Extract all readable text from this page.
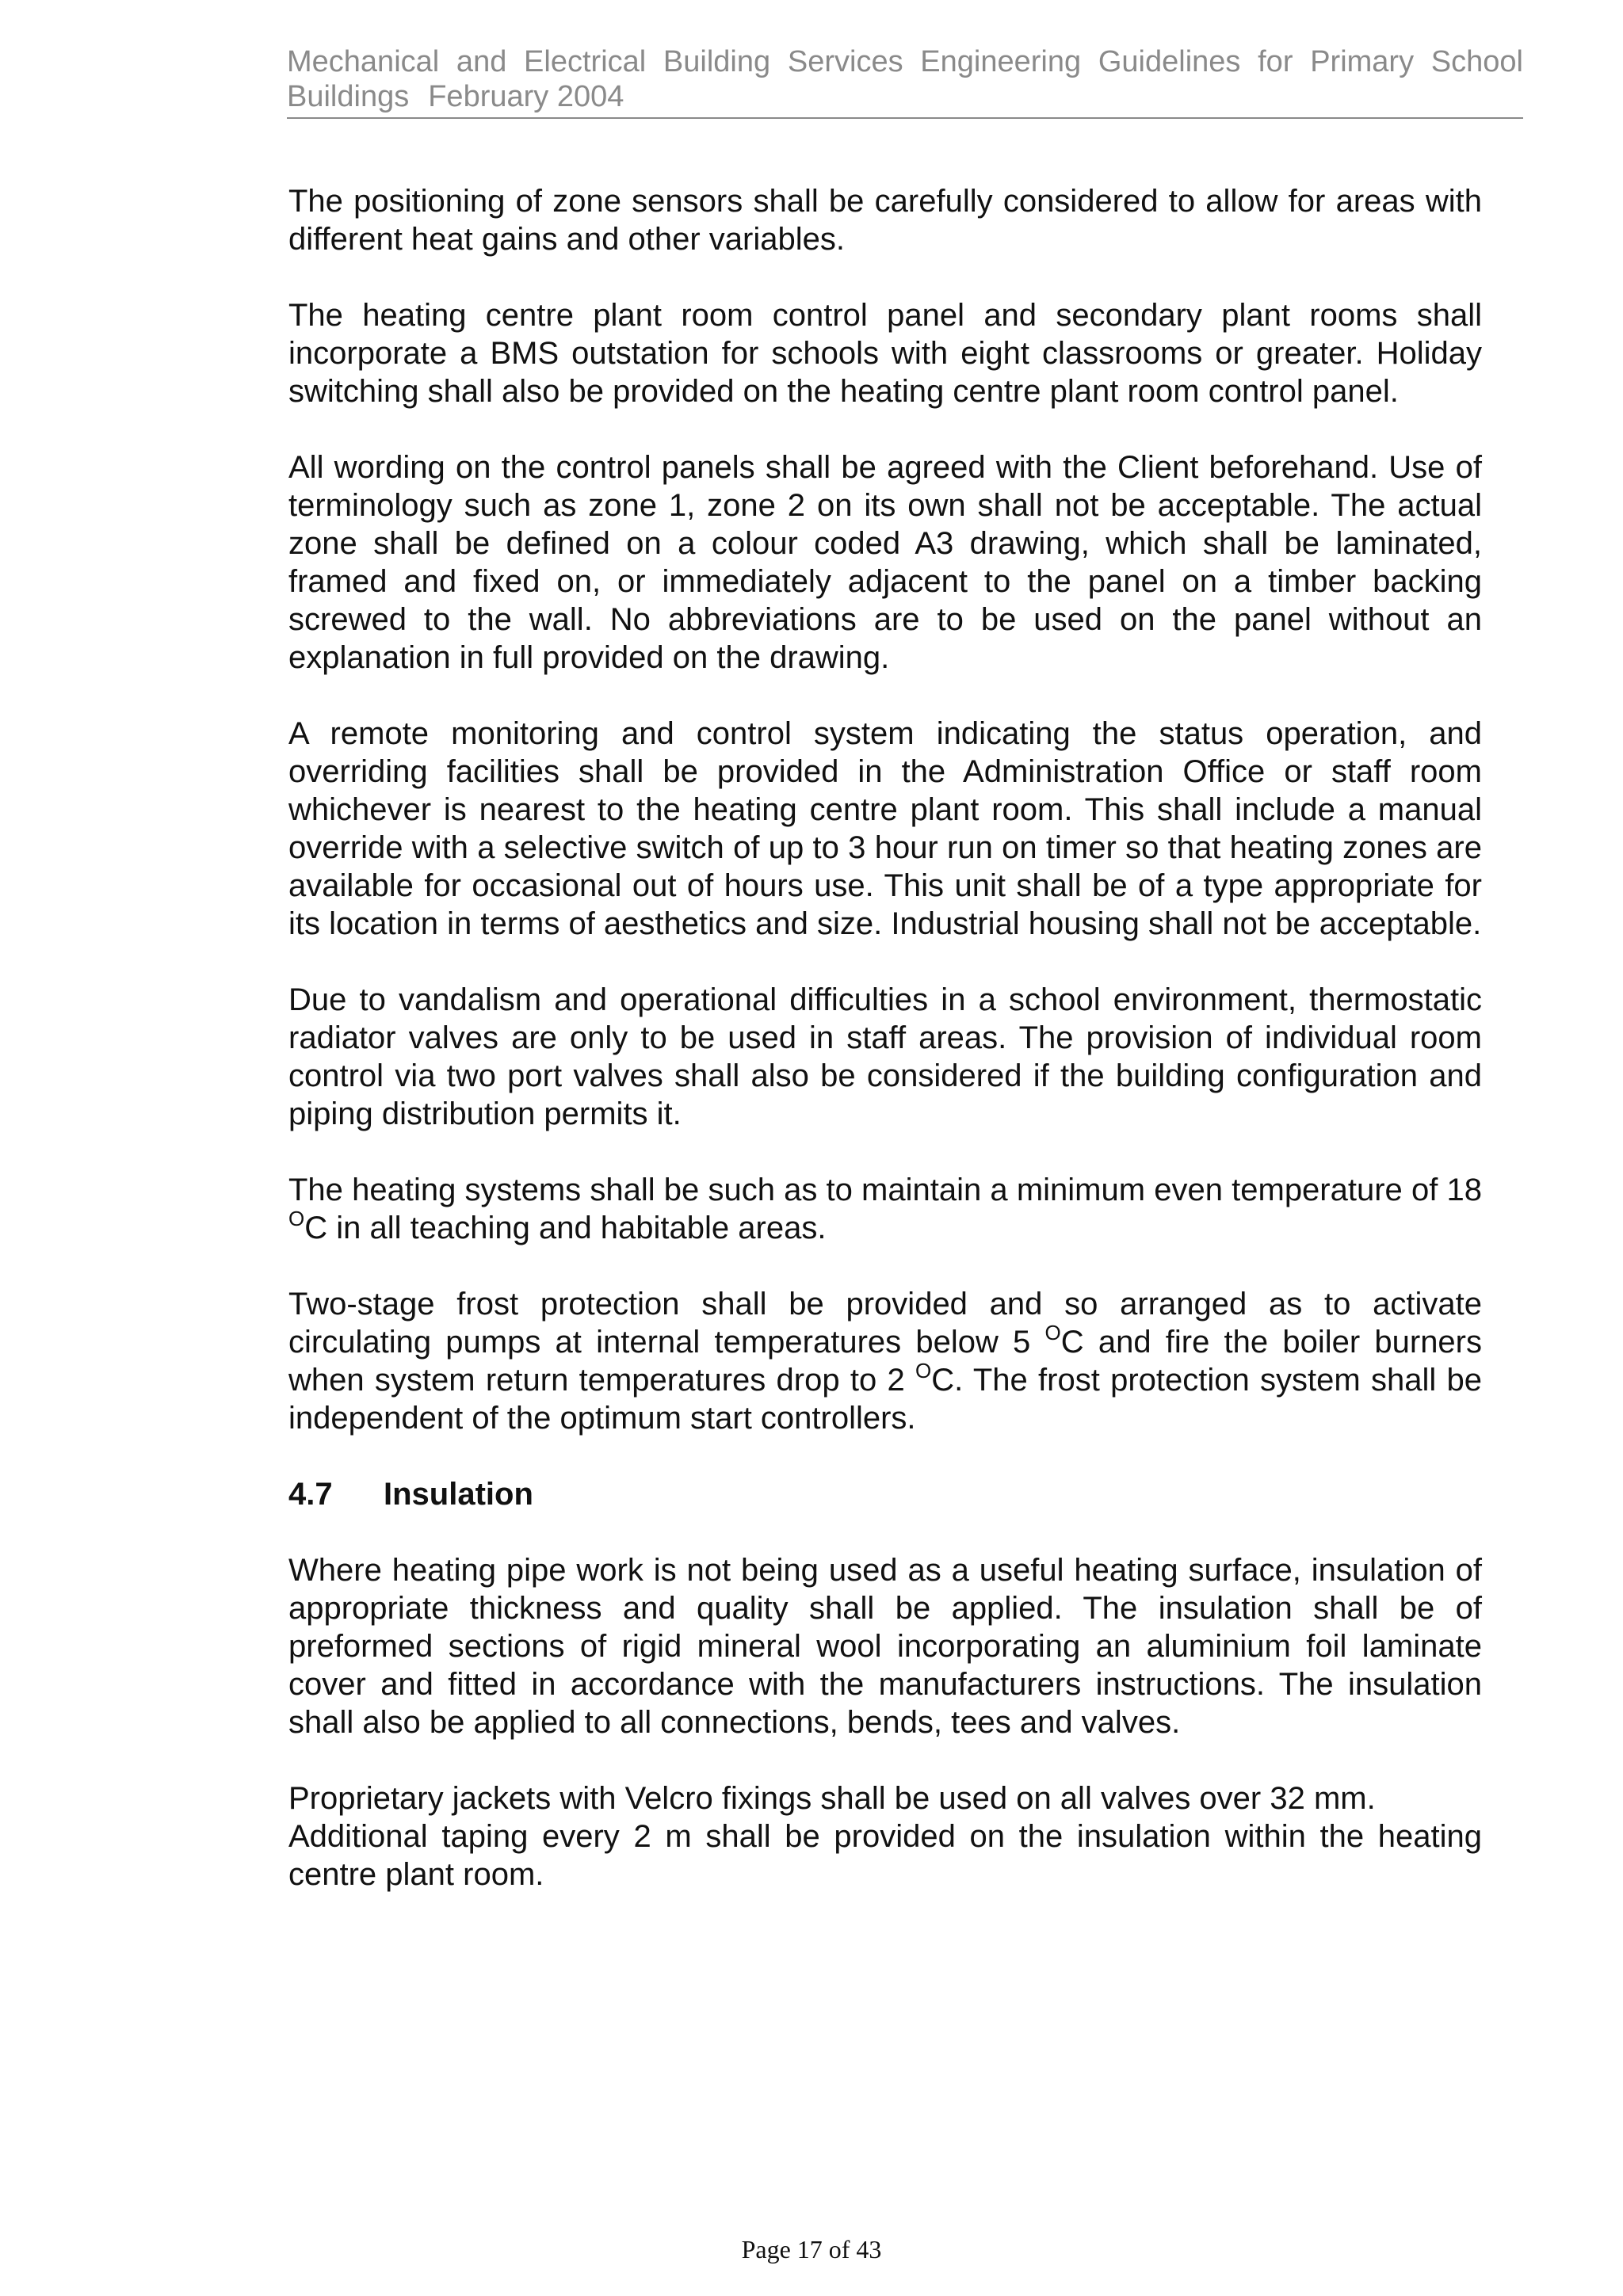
Mechanical and Electrical Building Services Engineering Guidelines for Primary School Buildings February 2004

The positioning of zone sensors shall be carefully considered to allow for areas with different heat gains and other variables.

The heating centre plant room control panel and secondary plant rooms shall incorporate a BMS outstation for schools with eight classrooms or greater. Holiday switching shall also be provided on the heating centre plant room control panel.

All wording on the control panels shall be agreed with the Client beforehand. Use of terminology such as zone 1, zone 2 on its own shall not be acceptable. The actual zone shall be defined on a colour coded A3 drawing, which shall be laminated, framed and fixed on, or immediately adjacent to the panel on a timber backing screwed to the wall. No abbreviations are to be used on the panel without an explanation in full provided on the drawing.

A remote monitoring and control system indicating the status operation, and overriding facilities shall be provided in the Administration Office or staff room whichever is nearest to the heating centre plant room. This shall include a manual override with a selective switch of up to 3 hour run on timer so that heating zones are available for occasional out of hours use. This unit shall be of a type appropriate for its location in terms of aesthetics and size. Industrial housing shall not be acceptable.

Due to vandalism and operational difficulties in a school environment, thermostatic radiator valves are only to be used in staff areas. The provision of individual room control via two port valves shall also be considered if the building configuration and piping distribution permits it.

The heating systems shall be such as to maintain a minimum even temperature of 18 $^O$C in all teaching and habitable areas.

Two-stage frost protection shall be provided and so arranged as to activate circulating pumps at internal temperatures below 5 $^O$C and fire the boiler burners when system return temperatures drop to 2 $^O$C. The frost protection system shall be independent of the optimum start controllers.

4.7 Insulation

Where heating pipe work is not being used as a useful heating surface, insulation of appropriate thickness and quality shall be applied. The insulation shall be of preformed sections of rigid mineral wool incorporating an aluminium foil laminate cover and fitted in accordance with the manufacturers instructions. The insulation shall also be applied to all connections, bends, tees and valves.

Proprietary jackets with Velcro fixings shall be used on all valves over 32 mm.
Additional taping every 2 m shall be provided on the insulation within the heating centre plant room.

Page 17 of 43
